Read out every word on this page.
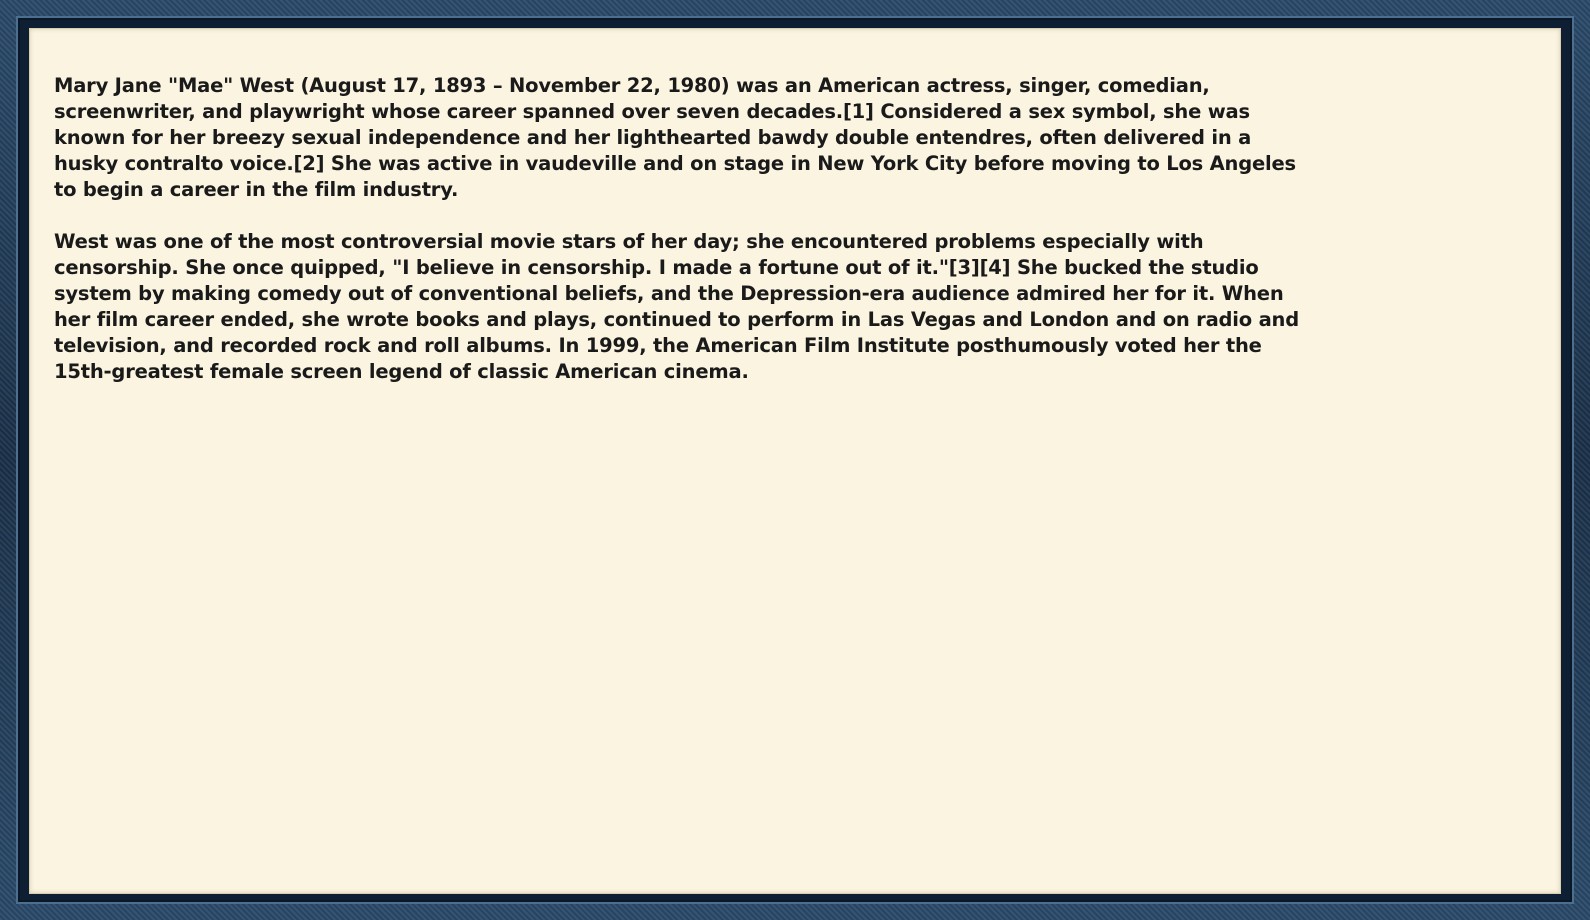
Mary Jane "Mae" West (August 17, 1893 – November 22, 1980) was an American actress, singer, comedian, screenwriter, and playwright whose career spanned over seven decades.[1] Considered a sex symbol, she was known for her breezy sexual independence and her lighthearted bawdy double entendres, often delivered in a husky contralto voice.[2] She was active in vaudeville and on stage in New York City before moving to Los Angeles to begin a career in the film industry.

West was one of the most controversial movie stars of her day; she encountered problems especially with censorship. She once quipped, "I believe in censorship. I made a fortune out of it."[3][4] She bucked the studio system by making comedy out of conventional beliefs, and the Depression-era audience admired her for it. When her film career ended, she wrote books and plays, continued to perform in Las Vegas and London and on radio and television, and recorded rock and roll albums. In 1999, the American Film Institute posthumously voted her the 15th-greatest female screen legend of classic American cinema.
